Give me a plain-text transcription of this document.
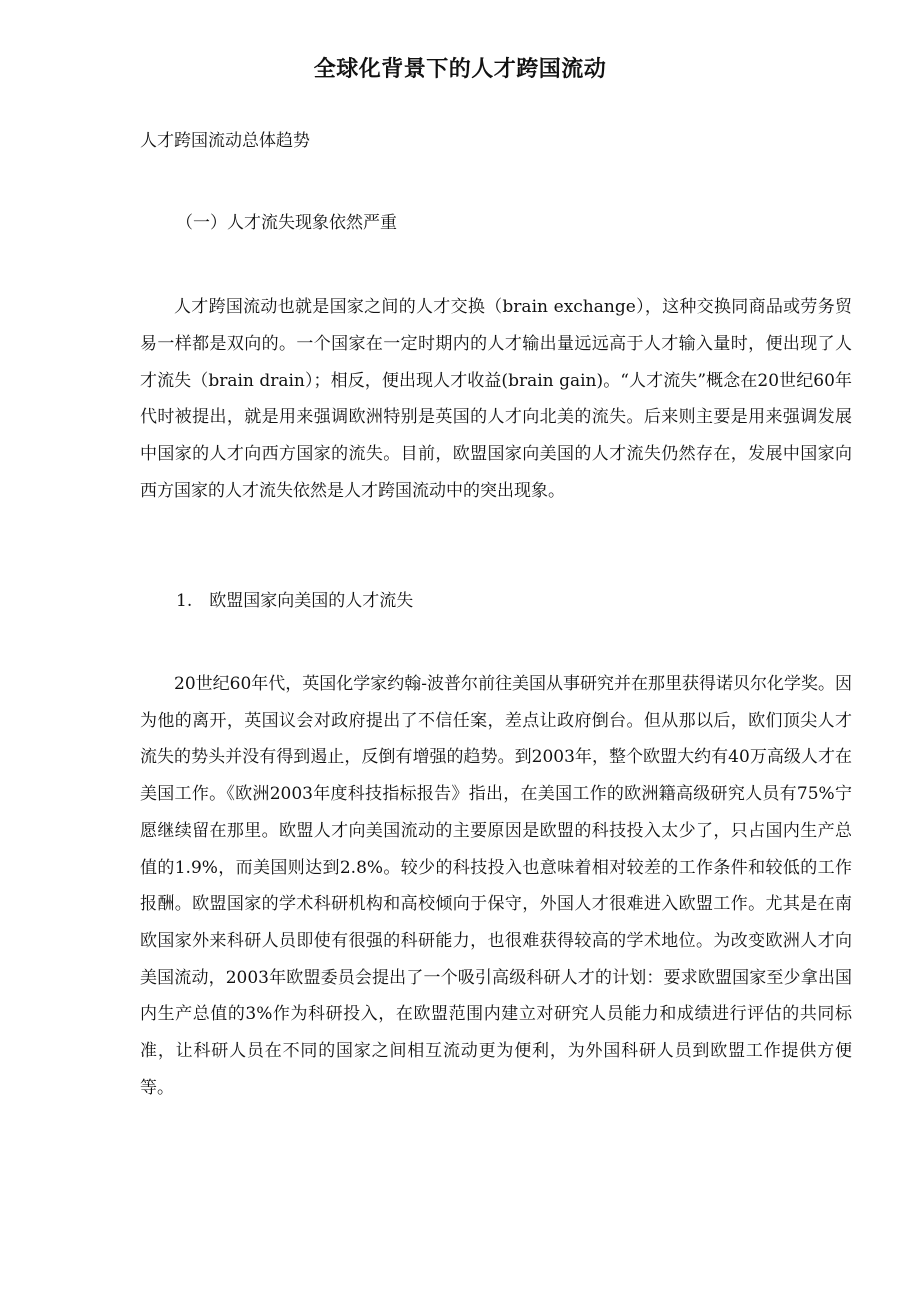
全球化背景下的人才跨国流动
人才跨国流动总体趋势
（一）人才流失现象依然严重
人才跨国流动也就是国家之间的人才交换（brain exchange），这种交换同商品或劳务贸易一样都是双向的。一个国家在一定时期内的人才输出量远远高于人才输入量时，便出现了人才流失（brain drain）；相反，便出现人才收益(brain gain)。“人才流失”概念在20世纪60年代时被提出，就是用来强调欧洲特别是英国的人才向北美的流失。后来则主要是用来强调发展中国家的人才向西方国家的流失。目前，欧盟国家向美国的人才流失仍然存在，发展中国家向西方国家的人才流失依然是人才跨国流动中的突出现象。
1.　欧盟国家向美国的人才流失
20世纪60年代，英国化学家约翰-波普尔前往美国从事研究并在那里获得诺贝尔化学奖。因为他的离开，英国议会对政府提出了不信任案，差点让政府倒台。但从那以后，欧们顶尖人才流失的势头并没有得到遏止，反倒有增强的趋势。到2003年，整个欧盟大约有40万高级人才在美国工作。《欧洲2003年度科技指标报告》指出，在美国工作的欧洲籍高级研究人员有75%宁愿继续留在那里。欧盟人才向美国流动的主要原因是欧盟的科技投入太少了，只占国内生产总值的1.9%，而美国则达到2.8%。较少的科技投入也意味着相对较差的工作条件和较低的工作报酬。欧盟国家的学术科研机构和高校倾向于保守，外国人才很难进入欧盟工作。尤其是在南欧国家外来科研人员即使有很强的科研能力，也很难获得较高的学术地位。为改变欧洲人才向美国流动，2003年欧盟委员会提出了一个吸引高级科研人才的计划：要求欧盟国家至少拿出国内生产总值的3%作为科研投入，在欧盟范围内建立对研究人员能力和成绩进行评估的共同标准，让科研人员在不同的国家之间相互流动更为便利，为外国科研人员到欧盟工作提供方便等。
